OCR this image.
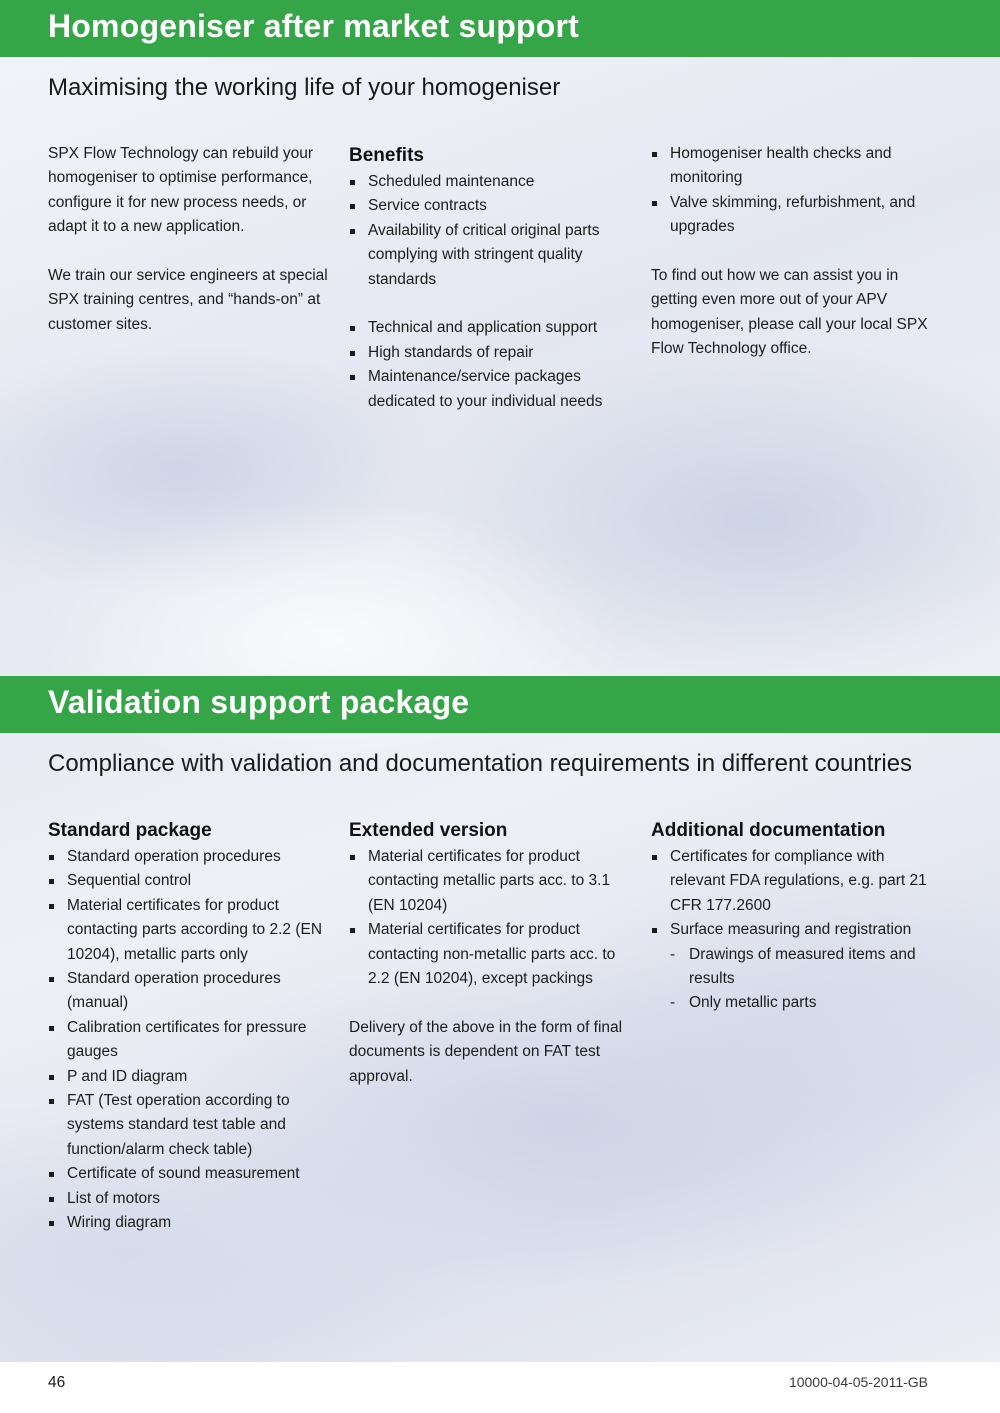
Homogeniser after market support
Maximising the working life of your homogeniser

SPX Flow Technology can rebuild your homogeniser to optimise performance, configure it for new process needs, or adapt it to a new application.

We train our service engineers at special SPX training centres, and “hands-on” at customer sites.

Benefits
Scheduled maintenance
Service contracts
Availability of critical original parts complying with stringent quality standards
Technical and application support
High standards of repair
Maintenance/service packages dedicated to your individual needs
Homogeniser health checks and monitoring
Valve skimming, refurbishment, and upgrades

To find out how we can assist you in getting even more out of your APV homogeniser, please call your local SPX Flow Technology office.

Validation support package
Compliance with validation and documentation requirements in different countries
Standard package
Standard operation procedures
Sequential control
Material certificates for product contacting parts according to 2.2 (EN 10204), metallic parts only
Standard operation procedures (manual)
Calibration certificates for pressure gauges
P and ID diagram
FAT (Test operation according to systems standard test table and function/alarm check table)
Certificate of sound measurement
List of motors
Wiring diagram
Extended version
Material certificates for product contacting metallic parts acc. to 3.1 (EN 10204)
Material certificates for product contacting non-metallic parts acc. to 2.2 (EN 10204), except packings

Delivery of the above in the form of final documents is dependent on FAT test approval.

Additional documentation
Certificates for compliance with relevant FDA regulations, e.g. part 21 CFR 177.2600
Surface measuring and registration
- Drawings of measured items and results
- Only metallic parts
46	10000-04-05-2011-GB
